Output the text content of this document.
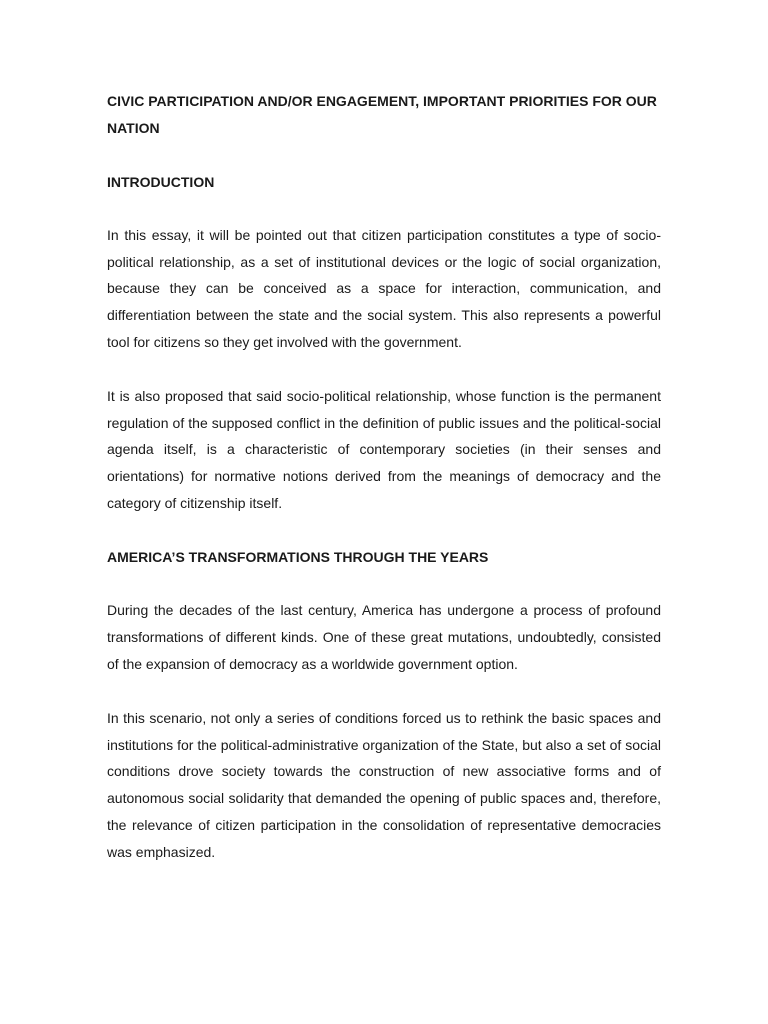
CIVIC PARTICIPATION AND/OR ENGAGEMENT, IMPORTANT PRIORITIES FOR OUR NATION
INTRODUCTION

In this essay, it will be pointed out that citizen participation constitutes a type of socio-political relationship, as a set of institutional devices or the logic of social organization, because they can be conceived as a space for interaction, communication, and differentiation between the state and the social system. This also represents a powerful tool for citizens so they get involved with the government.

It is also proposed that said socio-political relationship, whose function is the permanent regulation of the supposed conflict in the definition of public issues and the political-social agenda itself, is a characteristic of contemporary societies (in their senses and orientations) for normative notions derived from the meanings of democracy and the category of citizenship itself.

AMERICA’S TRANSFORMATIONS THROUGH THE YEARS

During the decades of the last century, America has undergone a process of profound transformations of different kinds. One of these great mutations, undoubtedly, consisted of the expansion of democracy as a worldwide government option.

In this scenario, not only a series of conditions forced us to rethink the basic spaces and institutions for the political-administrative organization of the State, but also a set of social conditions drove society towards the construction of new associative forms and of autonomous social solidarity that demanded the opening of public spaces and, therefore, the relevance of citizen participation in the consolidation of representative democracies was emphasized.
